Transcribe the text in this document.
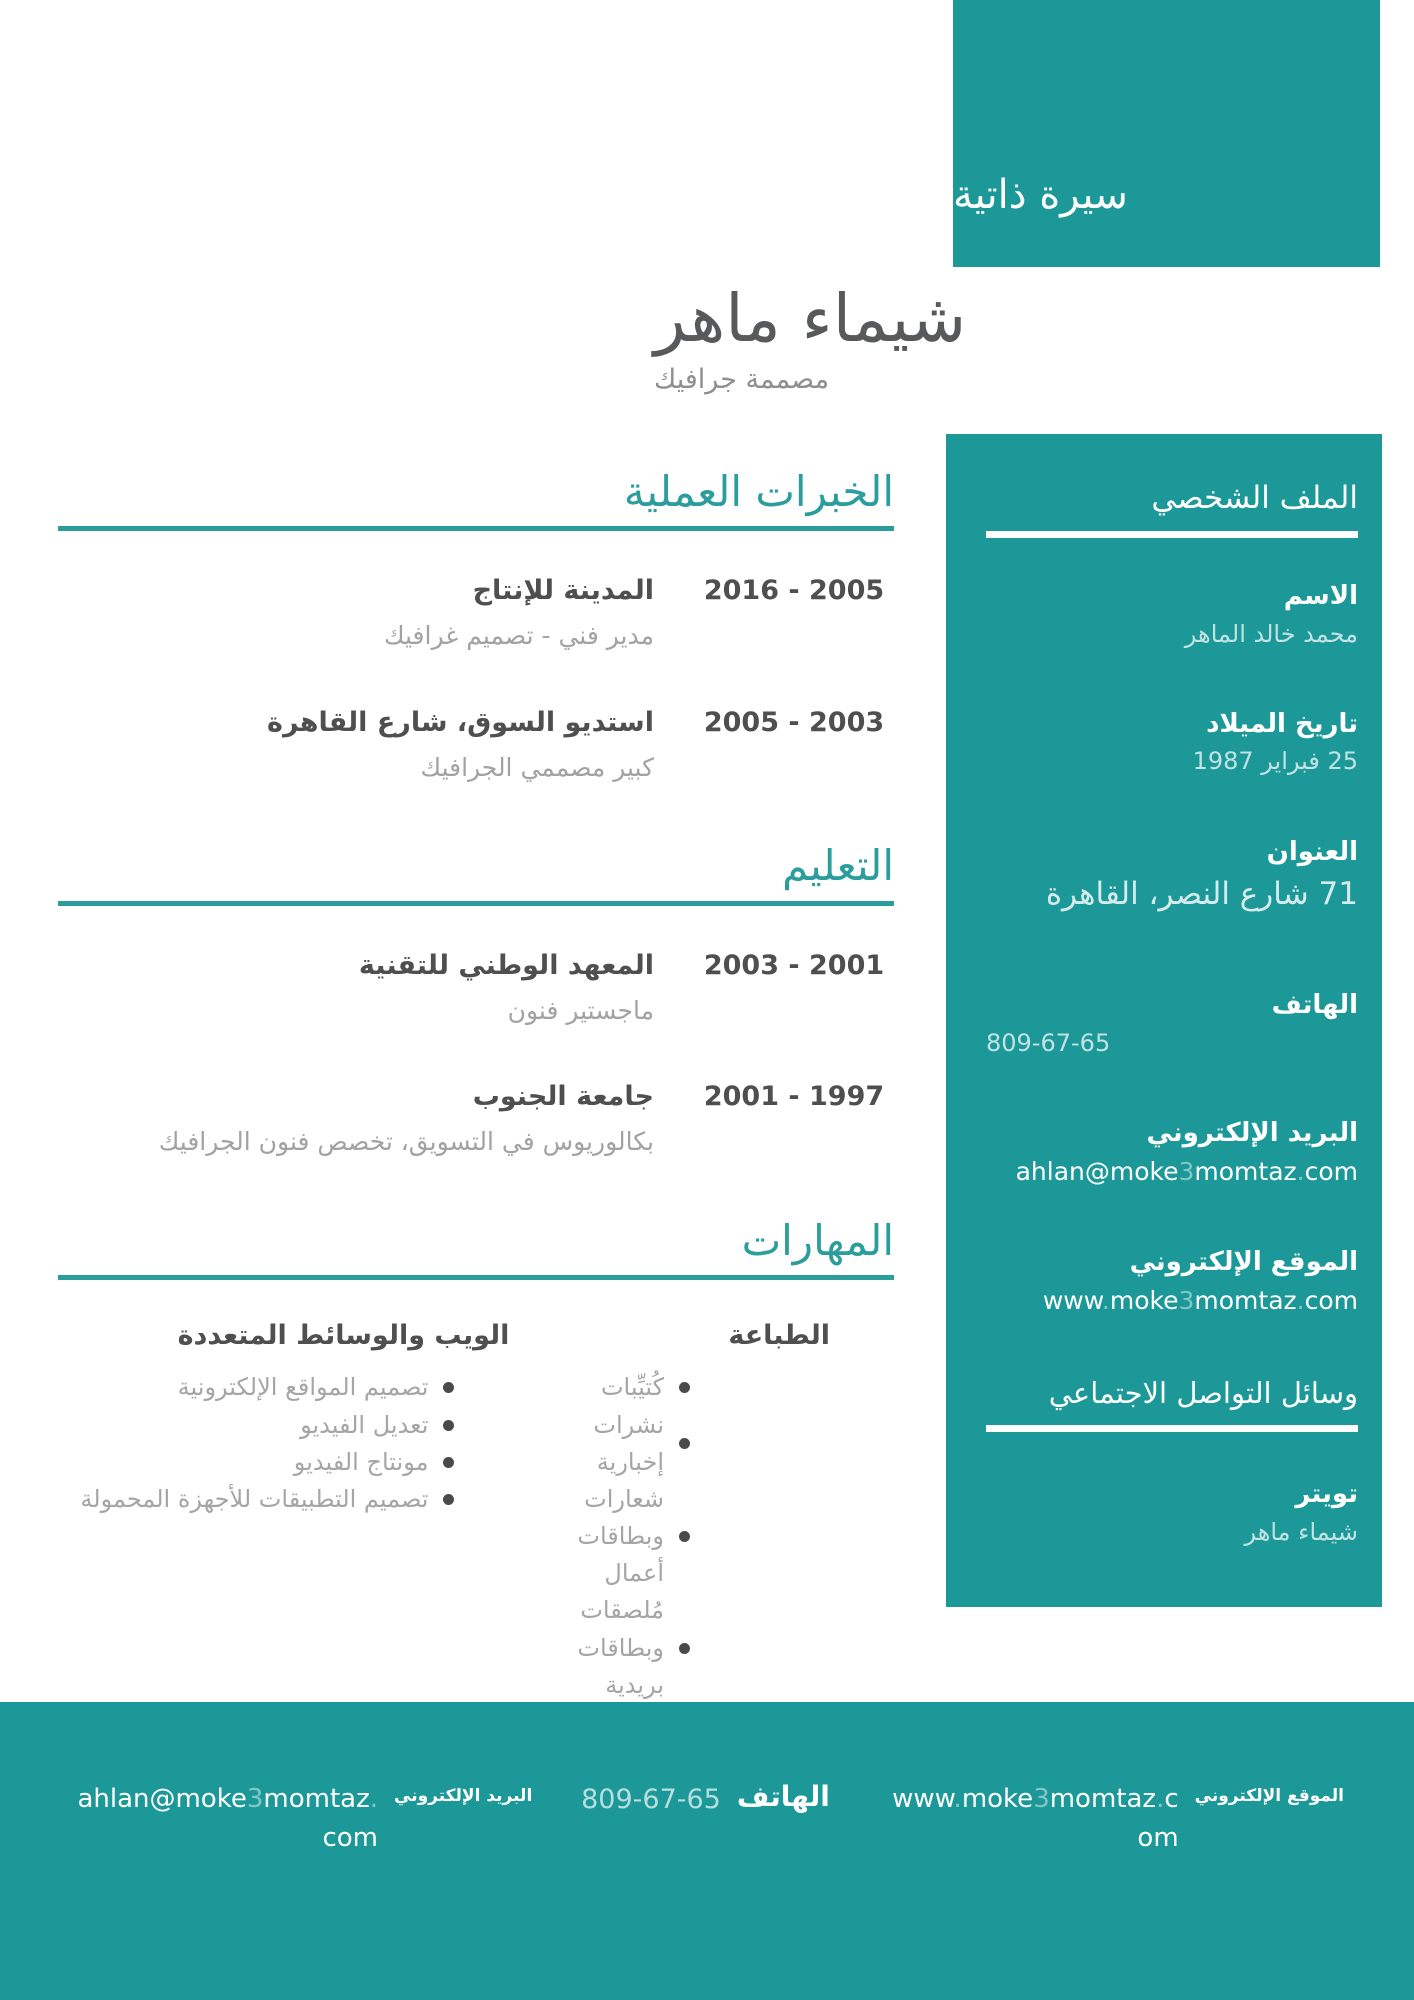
سيرة ذاتية
شيماء ماهر
مصممة جرافيك
الملف الشخصي
الاسم
محمد خالد الماهر
تاريخ الميلاد
25 فبراير 1987
العنوان
71 شارع النصر، القاهرة
الهاتف
809-67-65
البريد الإلكتروني
ahlan@moke3momtaz.com
الموقع الإلكتروني
www.moke3momtaz.com
وسائل التواصل الاجتماعي
تويتر
شيماء ماهر
الخبرات العملية
2016 - 2005
المدينة للإنتاج
مدير فني - تصميم غرافيك
2005 - 2003
استديو السوق، شارع القاهرة
كبير مصممي الجرافيك
التعليم
2003 - 2001
المعهد الوطني للتقنية
ماجستير فنون
2001 - 1997
جامعة الجنوب
بكالوريوس في التسويق، تخصص فنون الجرافيك
المهارات
الطباعة
كُتيِّبات
نشرات إخبارية
شعارات وبطاقات أعمال
مُلصقات وبطاقات بريدية
الويب والوسائط المتعددة
تصميم المواقع الإلكترونية
تعديل الفيديو
مونتاج الفيديو
تصميم التطبيقات للأجهزة المحمولة
الموقع الإلكتروني
www.moke3momtaz.com
الهاتف
809-67-65
البريد الإلكتروني
ahlan@moke3momtaz.com
